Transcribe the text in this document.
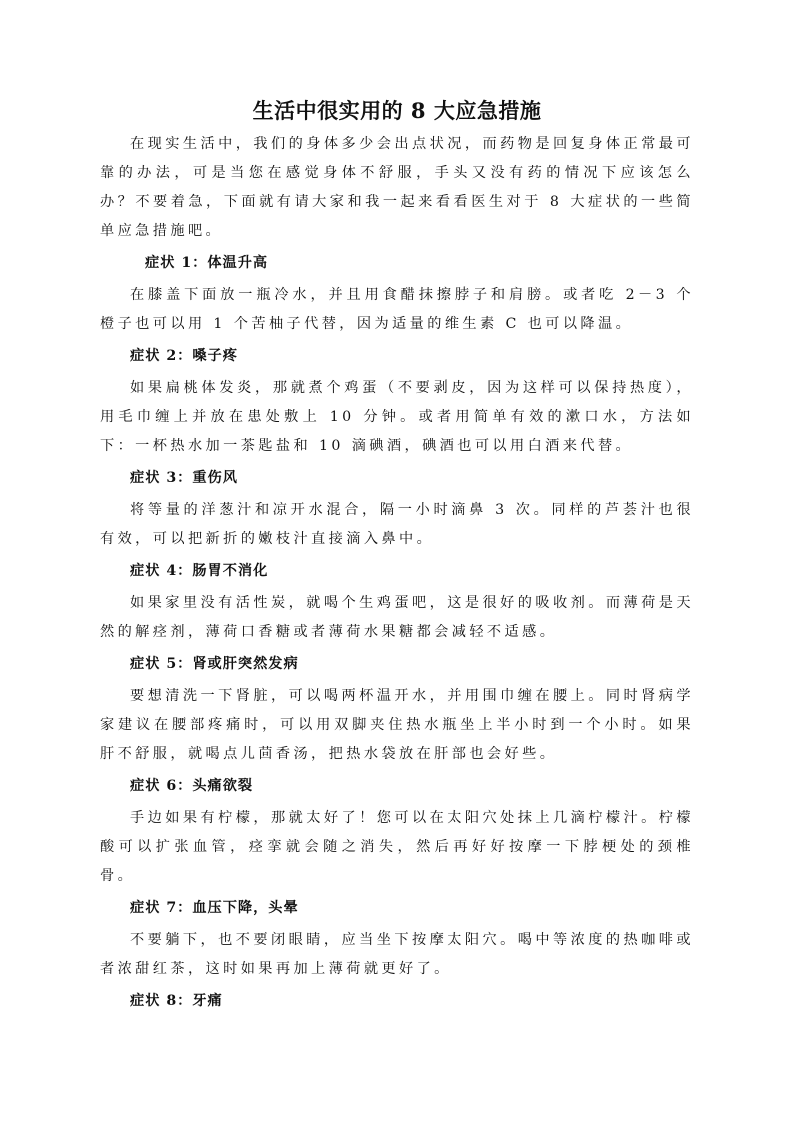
生活中很实用的 8 大应急措施

在现实生活中，我们的身体多少会出点状况，而药物是回复身体正常最可靠的办法，可是当您在感觉身体不舒服，手头又没有药的情况下应该怎么办？不要着急，下面就有请大家和我一起来看看医生对于 8 大症状的一些简单应急措施吧。

症状 1：体温升高

在膝盖下面放一瓶冷水，并且用食醋抹擦脖子和肩膀。或者吃 2－3 个橙子也可以用 1 个苦柚子代替，因为适量的维生素 C 也可以降温。

症状 2：嗓子疼

如果扁桃体发炎，那就煮个鸡蛋（不要剥皮，因为这样可以保持热度），用毛巾缠上并放在患处敷上 10 分钟。或者用简单有效的漱口水，方法如下：一杯热水加一茶匙盐和 10 滴碘酒，碘酒也可以用白酒来代替。

症状 3：重伤风

将等量的洋葱汁和凉开水混合，隔一小时滴鼻 3 次。同样的芦荟汁也很有效，可以把新折的嫩枝汁直接滴入鼻中。

症状 4：肠胃不消化

如果家里没有活性炭，就喝个生鸡蛋吧，这是很好的吸收剂。而薄荷是天然的解痉剂，薄荷口香糖或者薄荷水果糖都会减轻不适感。

症状 5：肾或肝突然发病

要想清洗一下肾脏，可以喝两杯温开水，并用围巾缠在腰上。同时肾病学家建议在腰部疼痛时，可以用双脚夹住热水瓶坐上半小时到一个小时。如果肝不舒服，就喝点儿茴香汤，把热水袋放在肝部也会好些。

症状 6：头痛欲裂

手边如果有柠檬，那就太好了！您可以在太阳穴处抹上几滴柠檬汁。柠檬酸可以扩张血管，痉挛就会随之消失，然后再好好按摩一下脖梗处的颈椎骨。

症状 7：血压下降，头晕

不要躺下，也不要闭眼睛，应当坐下按摩太阳穴。喝中等浓度的热咖啡或者浓甜红茶，这时如果再加上薄荷就更好了。

症状 8：牙痛
